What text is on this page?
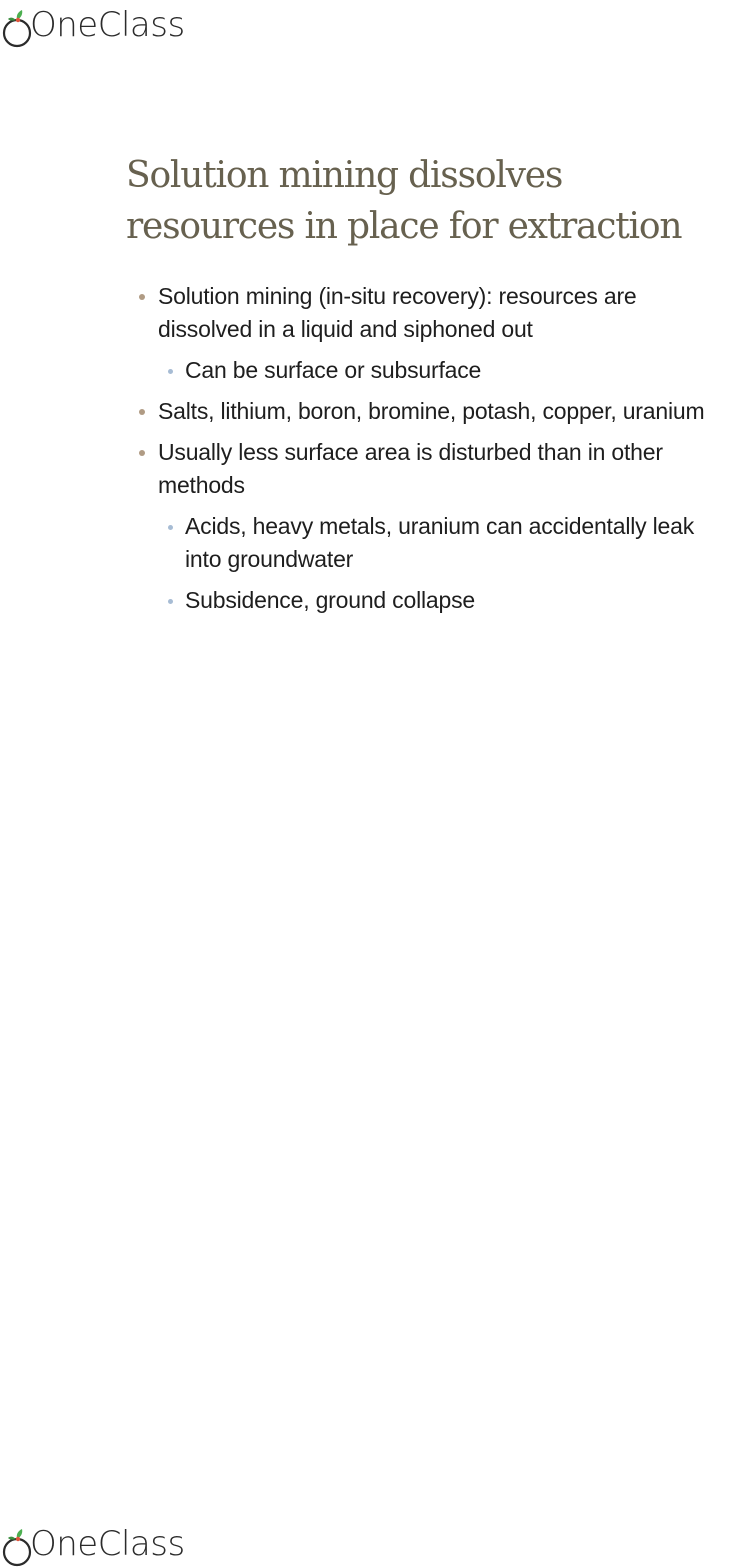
OneClass
Solution mining dissolves resources in place for extraction
Solution mining (in-situ recovery): resources are dissolved in a liquid and siphoned out
Can be surface or subsurface
Salts, lithium, boron, bromine, potash, copper, uranium
Usually less surface area is disturbed than in other methods
Acids, heavy metals, uranium can accidentally leak into groundwater
Subsidence, ground collapse
OneClass
